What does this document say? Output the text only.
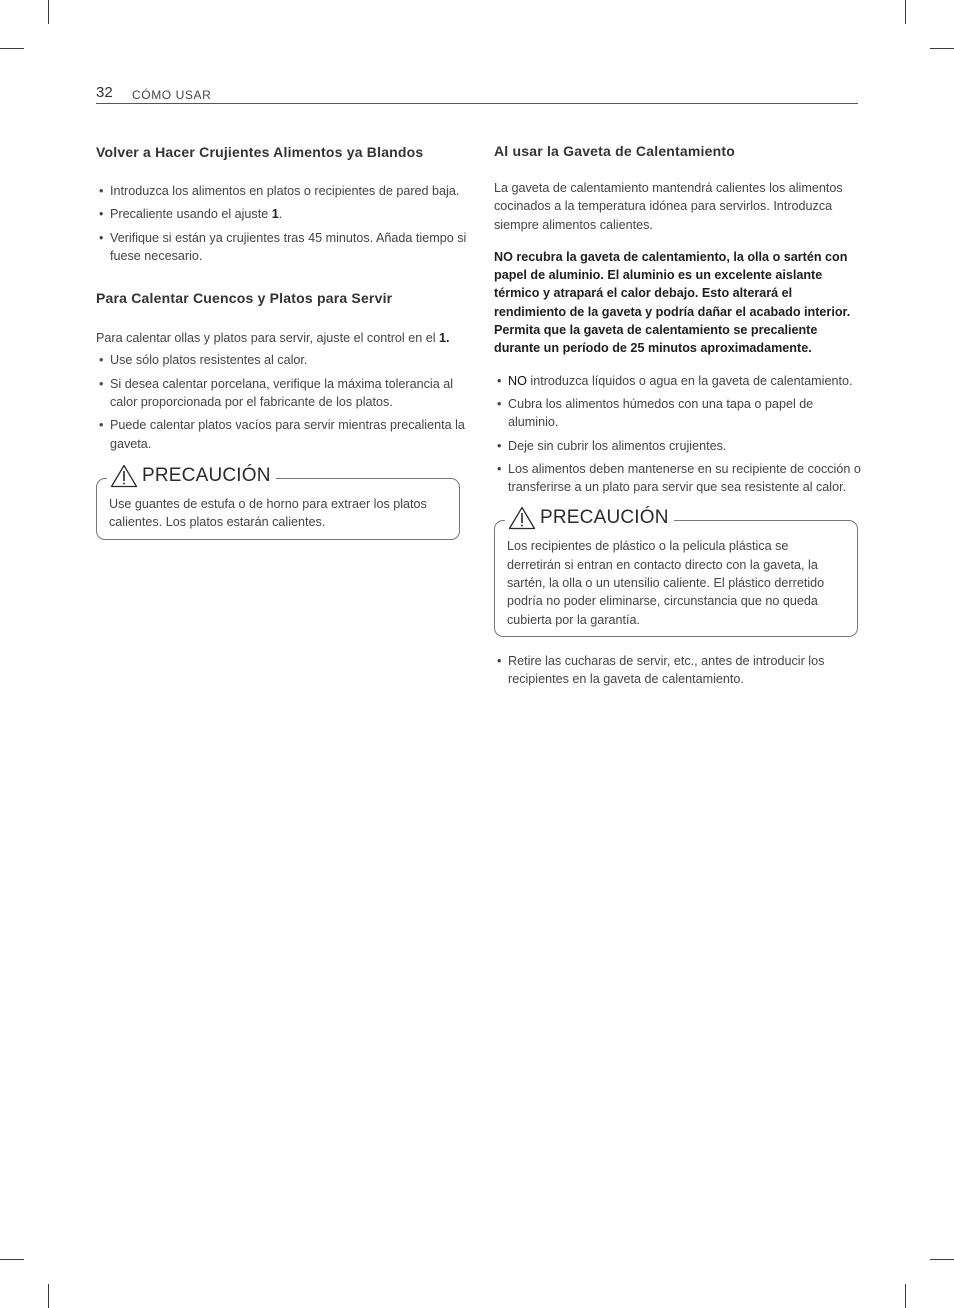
32 CÓMO USAR
Volver a Hacer Crujientes Alimentos ya Blandos
• Introduzca los alimentos en platos o recipientes de pared baja.
• Precaliente usando el ajuste 1.
• Verifique si están ya crujientes tras 45 minutos. Añada tiempo si fuese necesario.
Para Calentar Cuencos y Platos para Servir

Para calentar ollas y platos para servir, ajuste el control en el 1.

• Use sólo platos resistentes al calor.
• Si desea calentar porcelana, verifique la máxima tolerancia al calor proporcionada por el fabricante de los platos.
• Puede calentar platos vacíos para servir mientras precalienta la gaveta.
PRECAUCIÓN

Use guantes de estufa o de horno para extraer los platos calientes. Los platos estarán calientes.

Al usar la Gaveta de Calentamiento

La gaveta de calentamiento mantendrá calientes los alimentos cocinados a la temperatura idónea para servirlos. Introduzca siempre alimentos calientes.

NO recubra la gaveta de calentamiento, la olla o sartén con papel de aluminio. El aluminio es un excelente aislante térmico y atrapará el calor debajo. Esto alterará el rendimiento de la gaveta y podría dañar el acabado interior.

Permita que la gaveta de calentamiento se precaliente durante un período de 25 minutos aproximadamente.

• NO introduzca líquidos o agua en la gaveta de calentamiento.
• Cubra los alimentos húmedos con una tapa o papel de aluminio.
• Deje sin cubrir los alimentos crujientes.
• Los alimentos deben mantenerse en su recipiente de cocción o transferirse a un plato para servir que sea resistente al calor.
PRECAUCIÓN

Los recipientes de plástico o la pelicula plástica se derretirán si entran en contacto directo con la gaveta, la sartén, la olla o un utensilio caliente. El plástico derretido podría no poder eliminarse, circunstancia que no queda cubierta por la garantía.

• Retire las cucharas de servir, etc., antes de introducir los recipientes en la gaveta de calentamiento.
